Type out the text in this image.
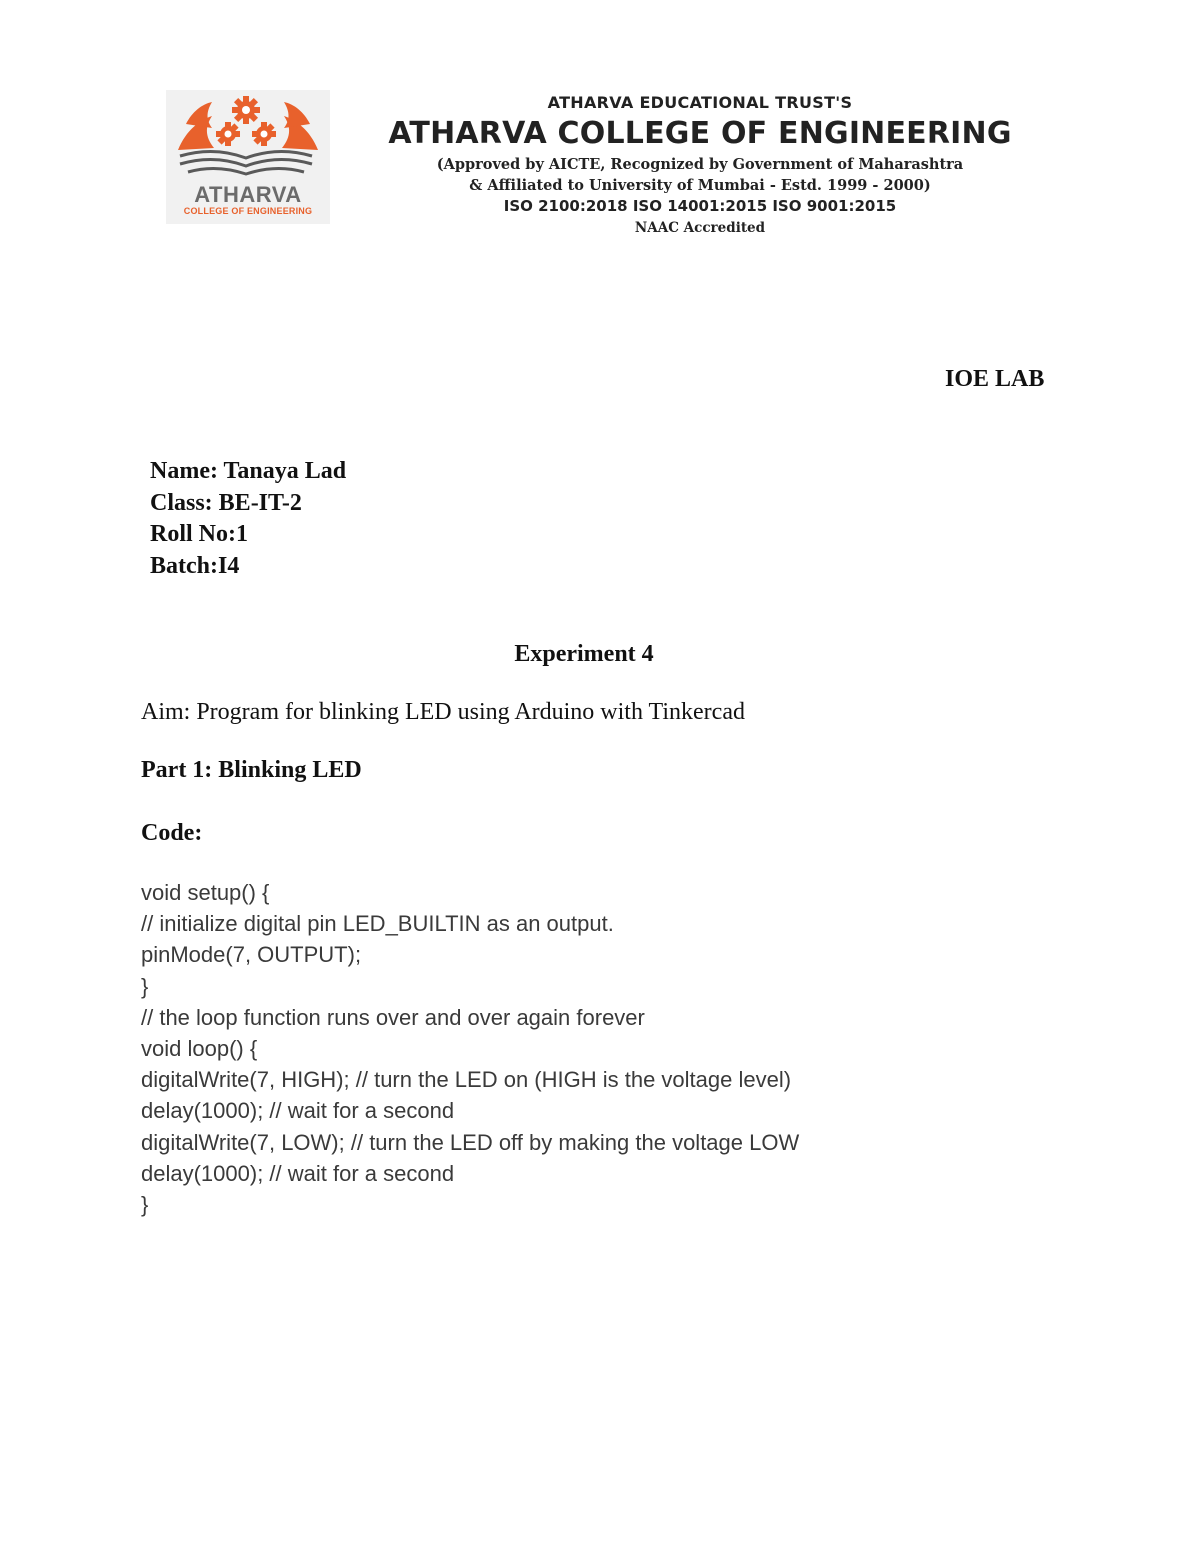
ATHARVA
COLLEGE OF ENGINEERING
ATHARVA EDUCATIONAL TRUST'S
ATHARVA COLLEGE OF ENGINEERING
(Approved by AICTE, Recognized by Government of Maharashtra
& Affiliated to University of Mumbai - Estd. 1999 - 2000)
ISO 2100:2018 ISO 14001:2015 ISO 9001:2015
NAAC Accredited
IOE LAB
Name: Tanaya Lad
Class: BE-IT-2
Roll No:1
Batch:I4
Experiment 4
Aim: Program for blinking LED using Arduino with Tinkercad
Part 1: Blinking LED
Code:
void setup() {
// initialize digital pin LED_BUILTIN as an output.
pinMode(7, OUTPUT);
}
// the loop function runs over and over again forever
void loop() {
digitalWrite(7, HIGH); // turn the LED on (HIGH is the voltage level)
delay(1000); // wait for a second
digitalWrite(7, LOW); // turn the LED off by making the voltage LOW
delay(1000); // wait for a second
}
